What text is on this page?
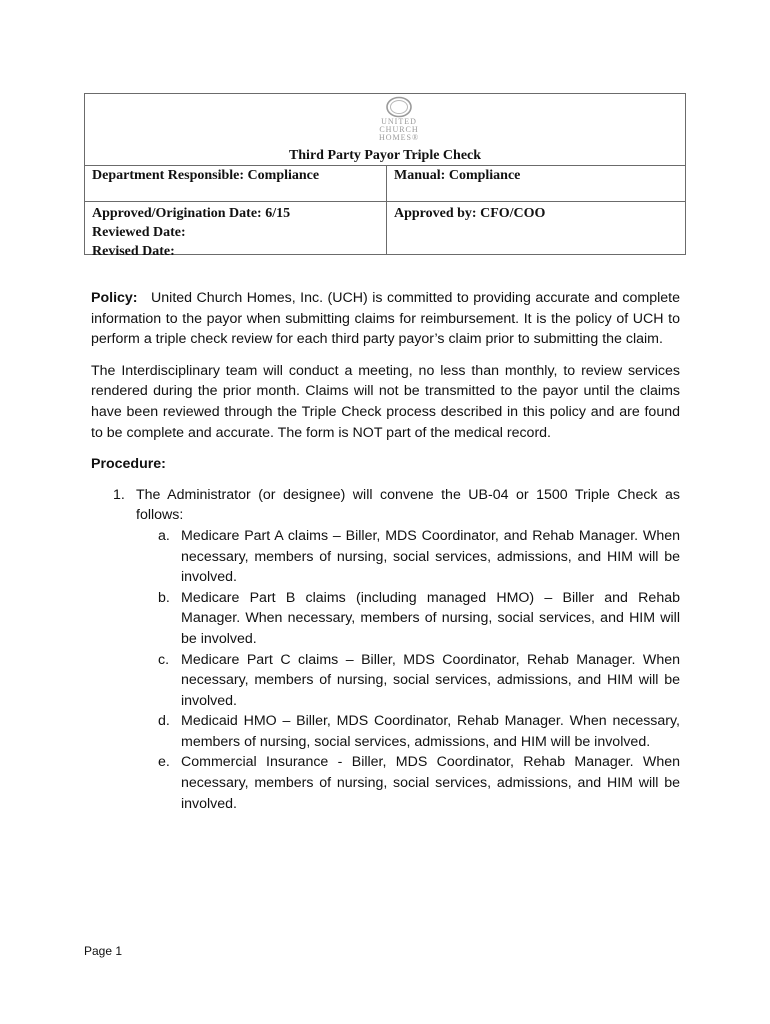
UNITED
CHURCH
HOMES®
Third Party Payor Triple Check
Department Responsible: Compliance	Manual: Compliance
Approved/Origination Date: 6/15
Reviewed Date:
Revised Date:
Approved by: CFO/COO

Policy: United Church Homes, Inc. (UCH) is committed to providing accurate and complete information to the payor when submitting claims for reimbursement. It is the policy of UCH to perform a triple check review for each third party payor’s claim prior to submitting the claim.

The Interdisciplinary team will conduct a meeting, no less than monthly, to review services rendered during the prior month. Claims will not be transmitted to the payor until the claims have been reviewed through the Triple Check process described in this policy and are found to be complete and accurate. The form is NOT part of the medical record.

Procedure:
1. The Administrator (or designee) will convene the UB-04 or 1500 Triple Check as follows:
a. Medicare Part A claims – Biller, MDS Coordinator, and Rehab Manager. When necessary, members of nursing, social services, admissions, and HIM will be involved.
b. Medicare Part B claims (including managed HMO) – Biller and Rehab Manager. When necessary, members of nursing, social services, and HIM will be involved.
c. Medicare Part C claims – Biller, MDS Coordinator, Rehab Manager. When necessary, members of nursing, social services, admissions, and HIM will be involved.
d. Medicaid HMO – Biller, MDS Coordinator, Rehab Manager. When necessary, members of nursing, social services, admissions, and HIM will be involved.
e. Commercial Insurance - Biller, MDS Coordinator, Rehab Manager. When necessary, members of nursing, social services, admissions, and HIM will be involved.
Page 1
